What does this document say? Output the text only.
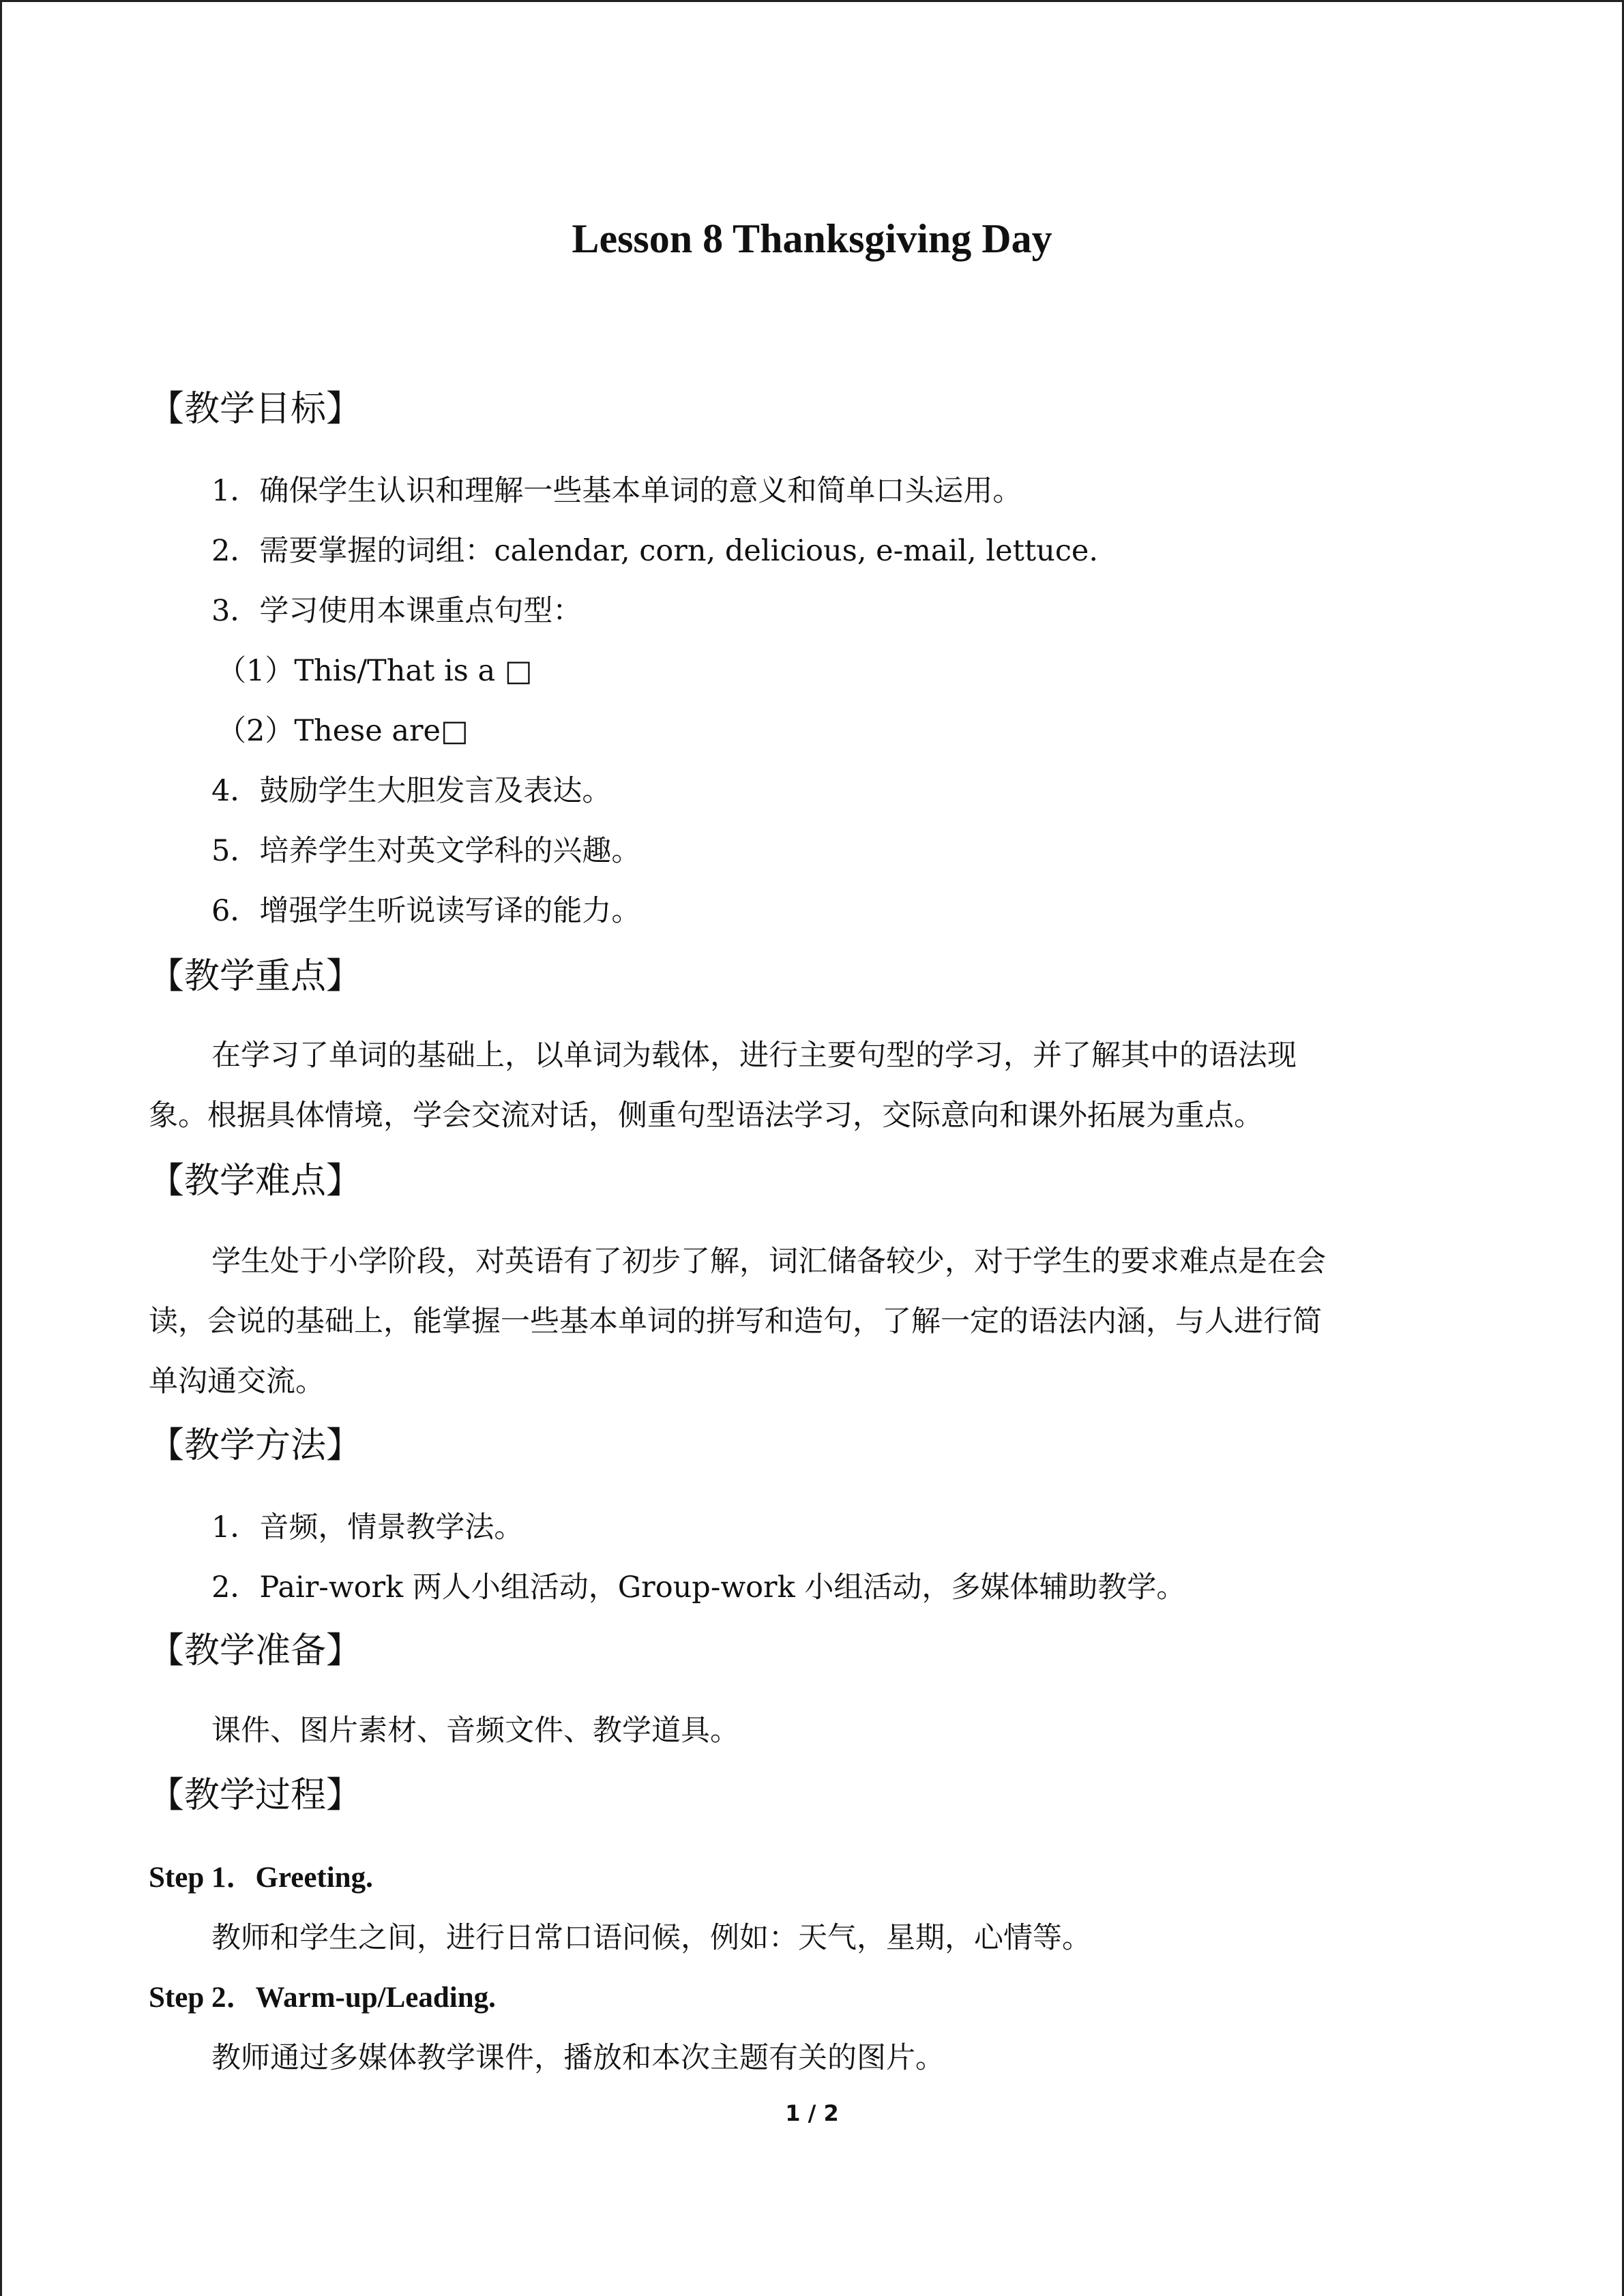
Lesson 8 Thanksgiving Day
【教学目标】
1．确保学生认识和理解一些基本单词的意义和简单口头运用。
2．需要掌握的词组：calendar, corn, delicious, e-mail, lettuce.
3．学习使用本课重点句型：
（1）This/That is a □
（2）These are□
4．鼓励学生大胆发言及表达。
5．培养学生对英文学科的兴趣。
6．增强学生听说读写译的能力。
【教学重点】
在学习了单词的基础上，以单词为载体，进行主要句型的学习，并了解其中的语法现
象。根据具体情境，学会交流对话，侧重句型语法学习，交际意向和课外拓展为重点。
【教学难点】
学生处于小学阶段，对英语有了初步了解，词汇储备较少，对于学生的要求难点是在会
读，会说的基础上，能掌握一些基本单词的拼写和造句，了解一定的语法内涵，与人进行简
单沟通交流。
【教学方法】
1．音频，情景教学法。
2．Pair-work 两人小组活动，Group-work 小组活动，多媒体辅助教学。
【教学准备】
课件、图片素材、音频文件、教学道具。
【教学过程】
Step 1．Greeting.
教师和学生之间，进行日常口语问候，例如：天气，星期，心情等。
Step 2．Warm-up/Leading.
教师通过多媒体教学课件，播放和本次主题有关的图片。
1 / 2
